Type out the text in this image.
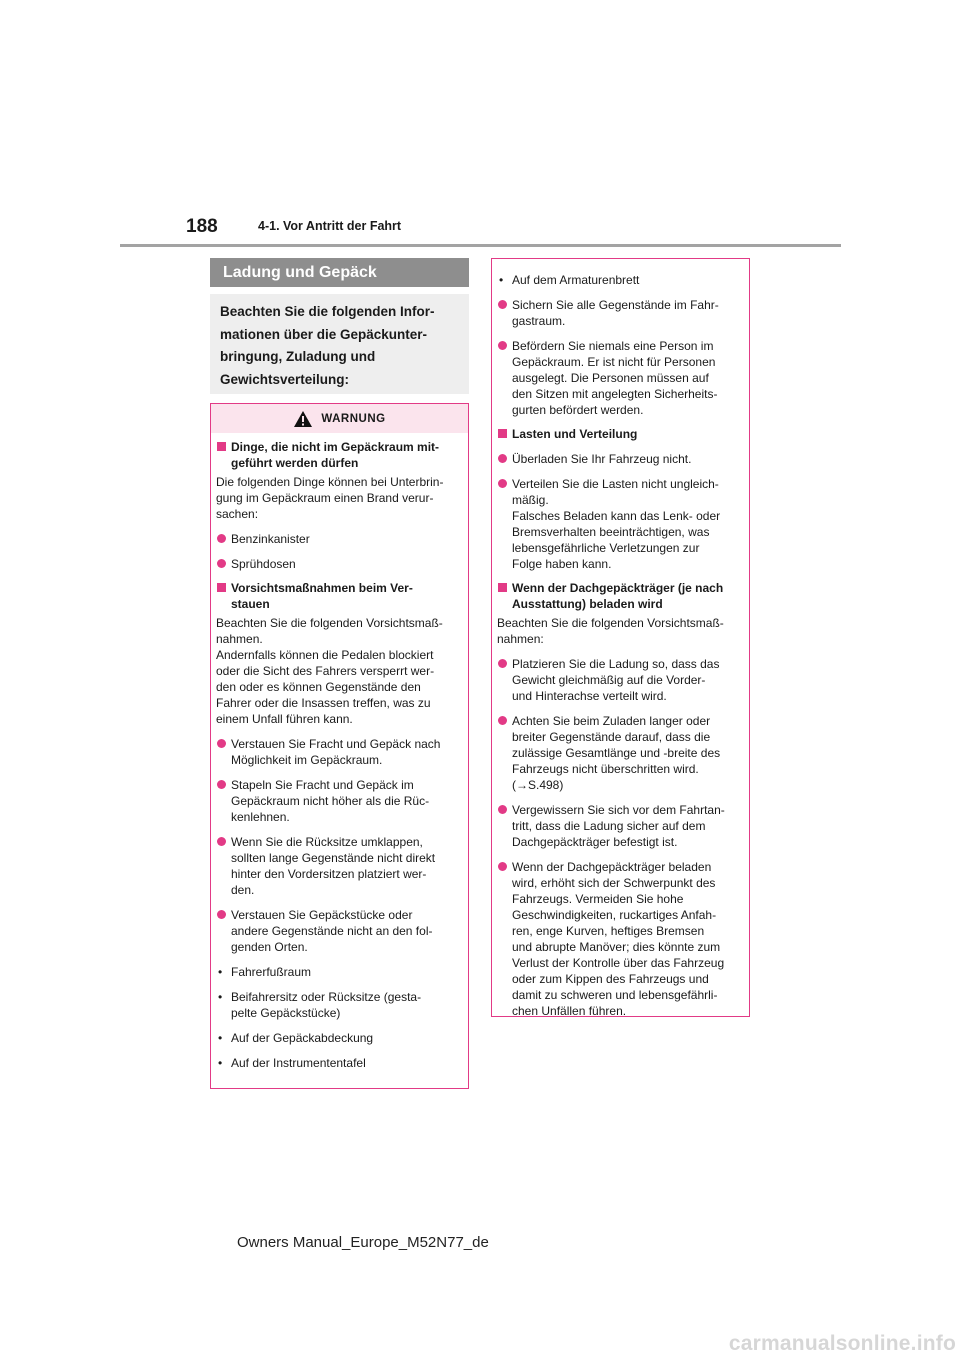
188	4-1. Vor Antritt der Fahrt
Ladung und Gepäck
Beachten Sie die folgenden Infor-
mationen über die Gepäckunter-
bringung, Zuladung und
Gewichtsverteilung:
WARNUNG
Dinge, die nicht im Gepäckraum mit-
geführt werden dürfen
Die folgenden Dinge können bei Unterbrin-
gung im Gepäckraum einen Brand verur-
sachen:
Benzinkanister
Sprühdosen
Vorsichtsmaßnahmen beim Ver-
stauen
Beachten Sie die folgenden Vorsichtsmaß-
nahmen.
Andernfalls können die Pedalen blockiert
oder die Sicht des Fahrers versperrt wer-
den oder es können Gegenstände den
Fahrer oder die Insassen treffen, was zu
einem Unfall führen kann.
Verstauen Sie Fracht und Gepäck nach
Möglichkeit im Gepäckraum.
Stapeln Sie Fracht und Gepäck im
Gepäckraum nicht höher als die Rüc-
kenlehnen.
Wenn Sie die Rücksitze umklappen,
sollten lange Gegenstände nicht direkt
hinter den Vordersitzen platziert wer-
den.
Verstauen Sie Gepäckstücke oder
andere Gegenstände nicht an den fol-
genden Orten.
• Fahrerfußraum
• Beifahrersitz oder Rücksitze (gesta-
pelte Gepäckstücke)
• Auf der Gepäckabdeckung
• Auf der Instrumententafel
• Auf dem Armaturenbrett
Sichern Sie alle Gegenstände im Fahr-
gastraum.
Befördern Sie niemals eine Person im
Gepäckraum. Er ist nicht für Personen
ausgelegt. Die Personen müssen auf
den Sitzen mit angelegten Sicherheits-
gurten befördert werden.
Lasten und Verteilung
Überladen Sie Ihr Fahrzeug nicht.
Verteilen Sie die Lasten nicht ungleich-
mäßig.
Falsches Beladen kann das Lenk- oder
Bremsverhalten beeinträchtigen, was
lebensgefährliche Verletzungen zur
Folge haben kann.
Wenn der Dachgepäckträger (je nach
Ausstattung) beladen wird
Beachten Sie die folgenden Vorsichtsmaß-
nahmen:
Platzieren Sie die Ladung so, dass das
Gewicht gleichmäßig auf die Vorder-
und Hinterachse verteilt wird.
Achten Sie beim Zuladen langer oder
breiter Gegenstände darauf, dass die
zulässige Gesamtlänge und -breite des
Fahrzeugs nicht überschritten wird.
(→S.498)
Vergewissern Sie sich vor dem Fahrtan-
tritt, dass die Ladung sicher auf dem
Dachgepäckträger befestigt ist.
Wenn der Dachgepäckträger beladen
wird, erhöht sich der Schwerpunkt des
Fahrzeugs. Vermeiden Sie hohe
Geschwindigkeiten, ruckartiges Anfah-
ren, enge Kurven, heftiges Bremsen
und abrupte Manöver; dies könnte zum
Verlust der Kontrolle über das Fahrzeug
oder zum Kippen des Fahrzeugs und
damit zu schweren und lebensgefährli-
chen Unfällen führen.
Owners Manual_Europe_M52N77_de
carmanualsonline.info
